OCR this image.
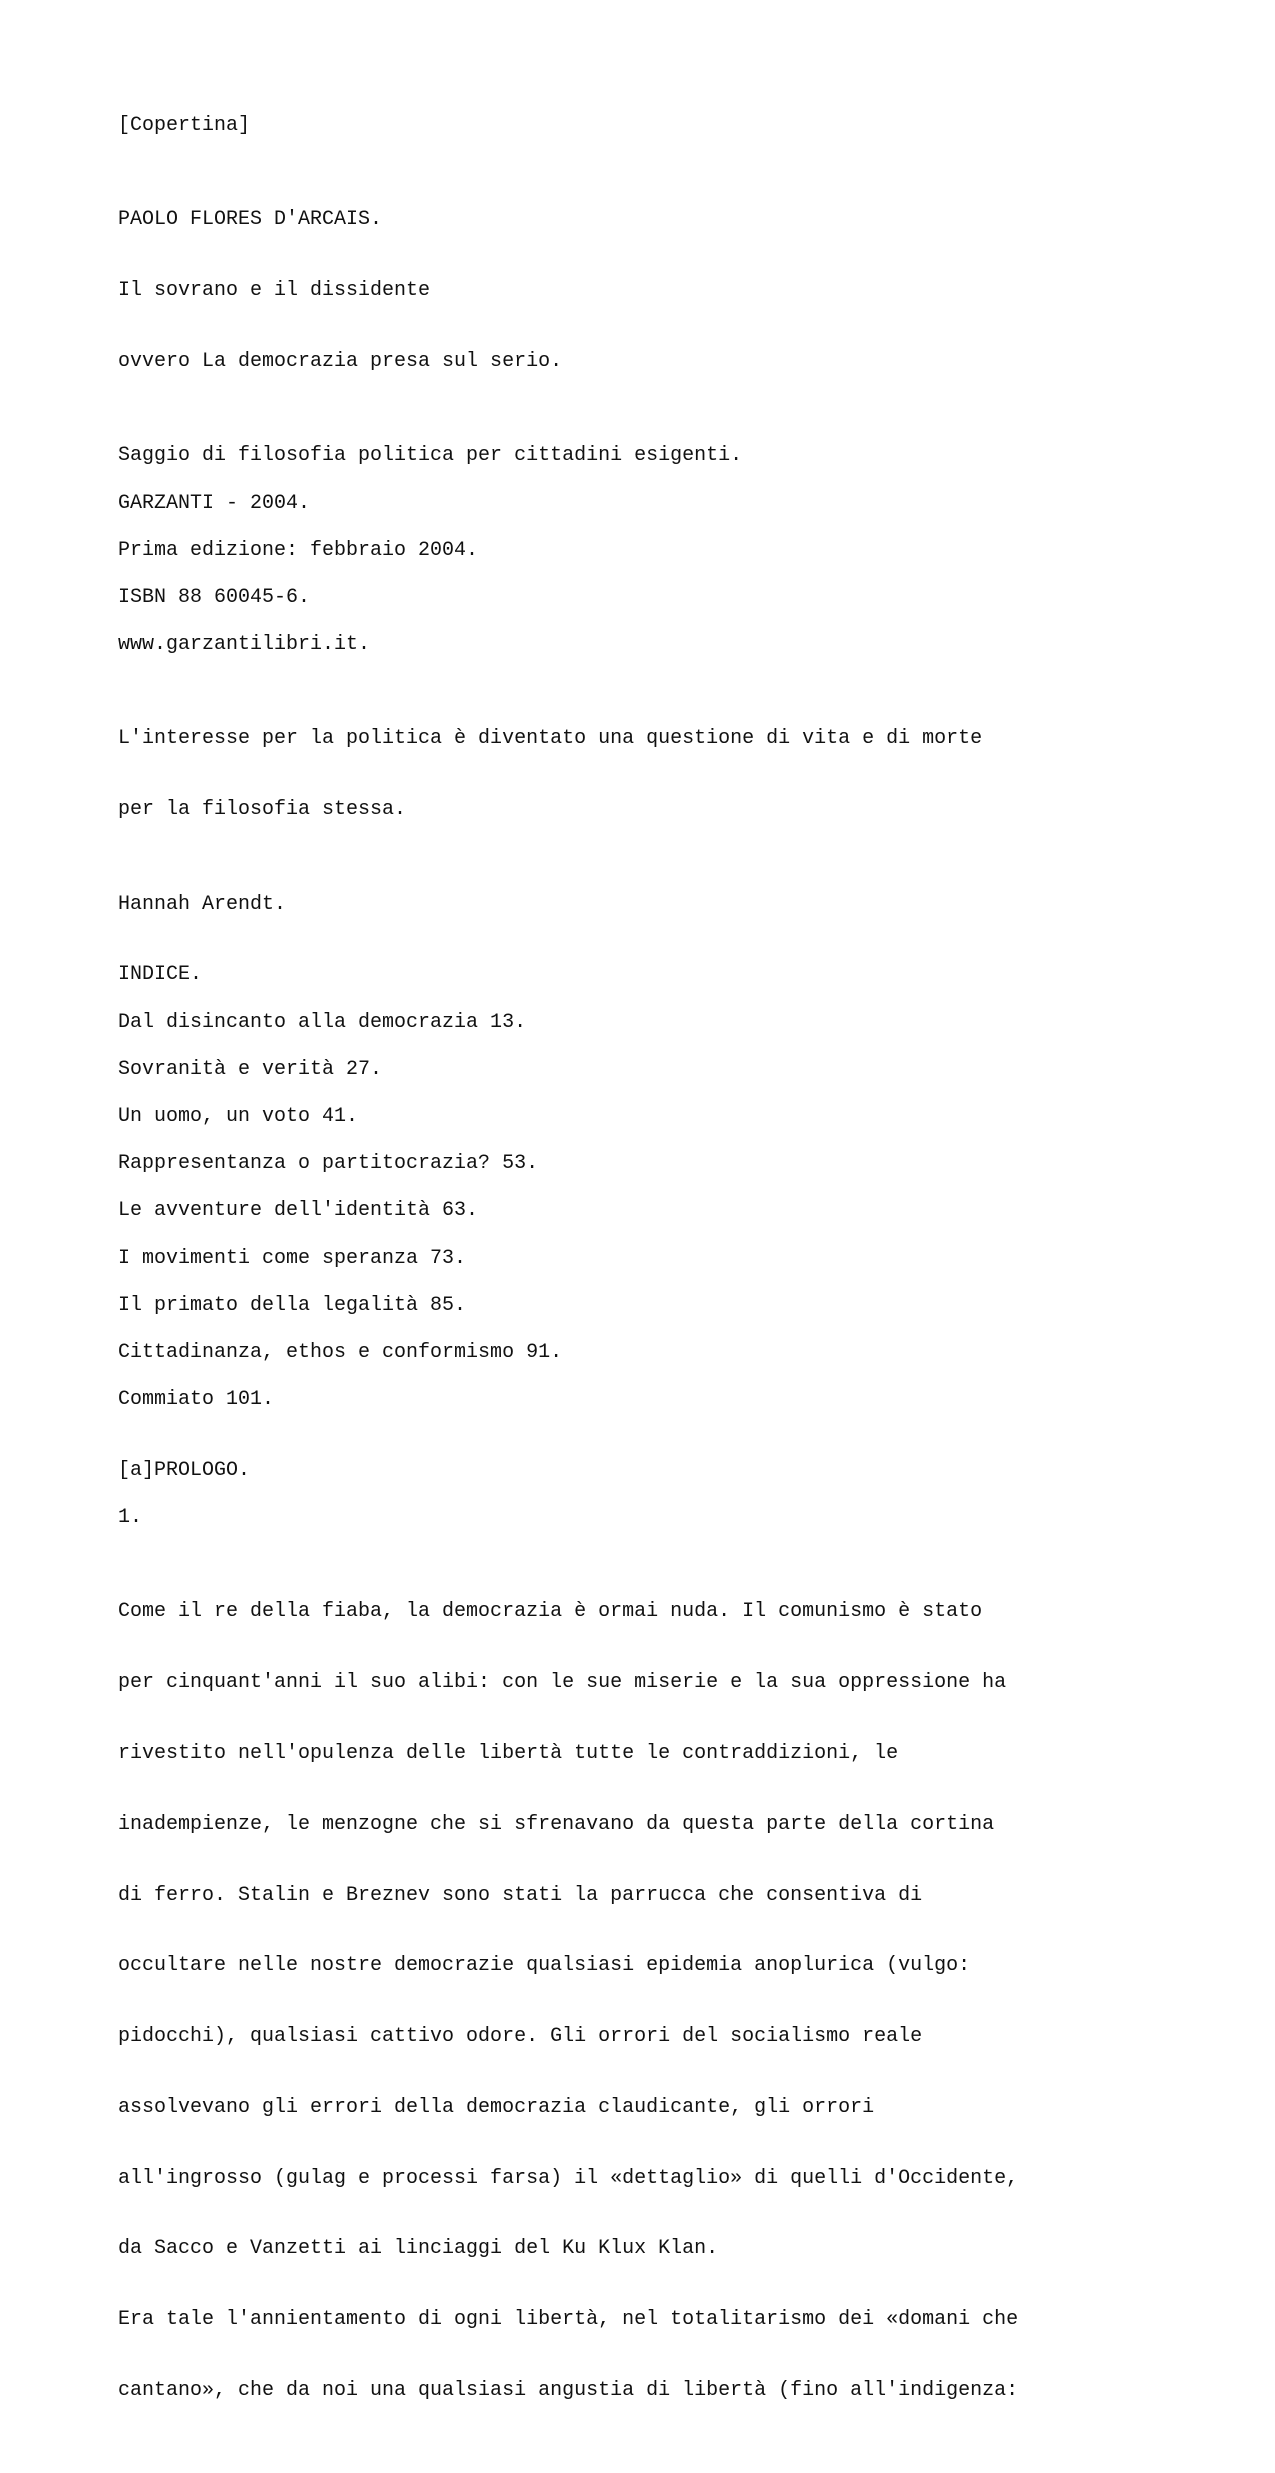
[Copertina]

PAOLO FLORES D'ARCAIS.

Il sovrano e il dissidente

ovvero La democrazia presa sul serio.

Saggio di filosofia politica per cittadini esigenti.

GARZANTI - 2004.

Prima edizione: febbraio 2004.

ISBN 88 60045-6.

www.garzantilibri.it.

L'interesse per la politica è diventato una questione di vita e di morte

per la filosofia stessa.

Hannah Arendt.

INDICE.

Dal disincanto alla democrazia 13.

Sovranità e verità 27.

Un uomo, un voto 41.

Rappresentanza o partitocrazia? 53.

Le avventure dell'identità 63.

I movimenti come speranza 73.

Il primato della legalità 85.

Cittadinanza, ethos e conformismo 91.

Commiato 101.

[a]PROLOGO.

1.

Come il re della fiaba, la democrazia è ormai nuda. Il comunismo è stato

per cinquant'anni il suo alibi: con le sue miserie e la sua oppressione ha

rivestito nell'opulenza delle libertà tutte le contraddizioni, le

inadempienze, le menzogne che si sfrenavano da questa parte della cortina

di ferro. Stalin e Breznev sono stati la parrucca che consentiva di

occultare nelle nostre democrazie qualsiasi epidemia anoplurica (vulgo:

pidocchi), qualsiasi cattivo odore. Gli orrori del socialismo reale

assolvevano gli errori della democrazia claudicante, gli orrori

all'ingrosso (gulag e processi farsa) il «dettaglio» di quelli d'Occidente,

da Sacco e Vanzetti ai linciaggi del Ku Klux Klan.

Era tale l'annientamento di ogni libertà, nel totalitarismo dei «domani che

cantano», che da noi una qualsiasi angustia di libertà (fino all'indigenza:
